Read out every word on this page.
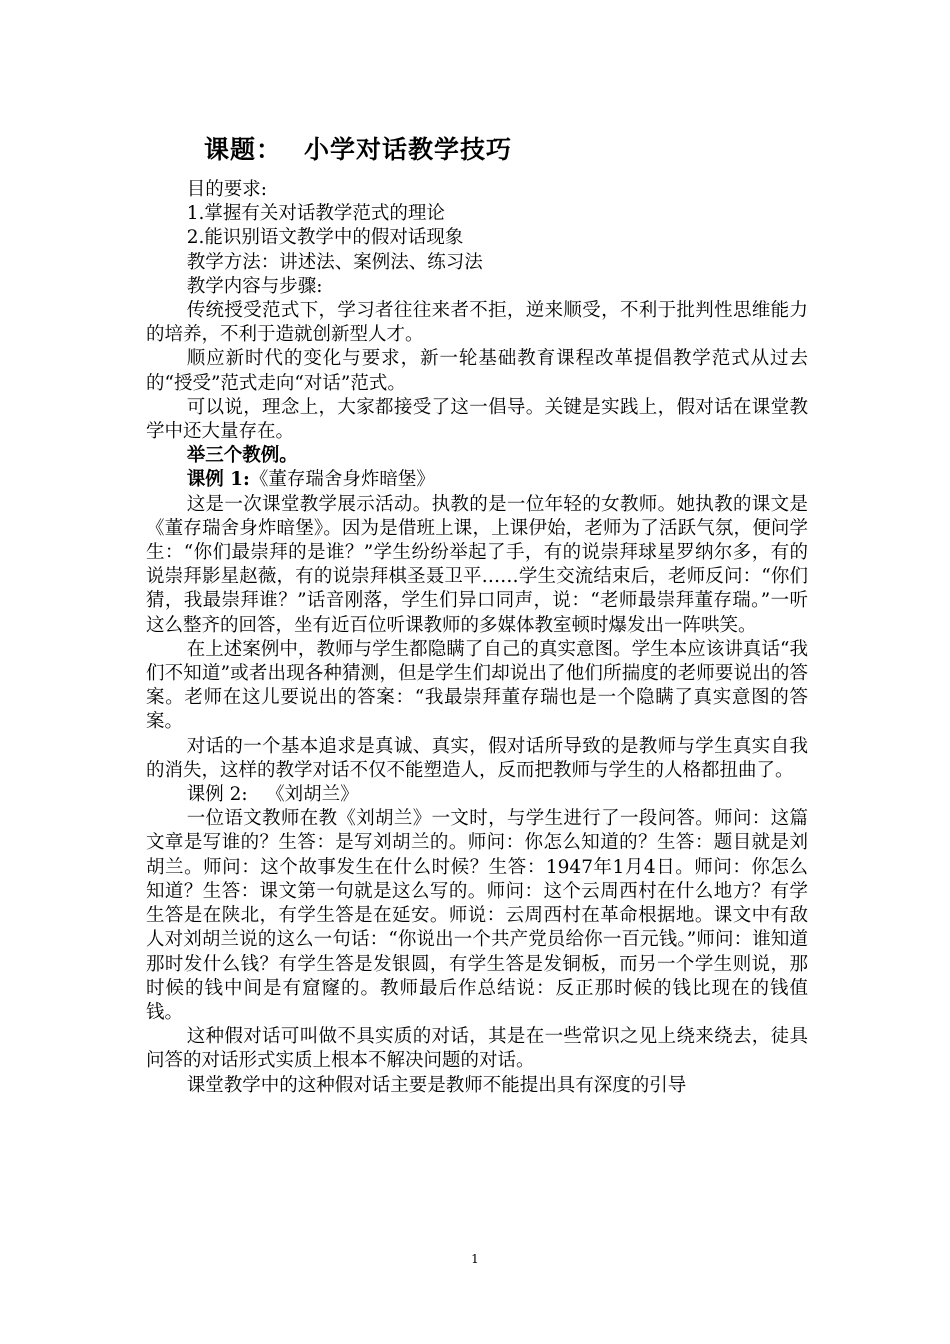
课题： 小学对话教学技巧

目的要求:

1.掌握有关对话教学范式的理论

2.能识别语文教学中的假对话现象

教学方法：讲述法、案例法、练习法

教学内容与步骤:

传统授受范式下，学习者往往来者不拒，逆来顺受，不利于批判性思维能力的培养，不利于造就创新型人才。

顺应新时代的变化与要求，新一轮基础教育课程改革提倡教学范式从过去的“授受”范式走向“对话”范式。

可以说，理念上，大家都接受了这一倡导。关键是实践上，假对话在课堂教学中还大量存在。

举三个教例。

课例 1:《董存瑞舍身炸暗堡》

这是一次课堂教学展示活动。执教的是一位年轻的女教师。她执教的课文是《董存瑞舍身炸暗堡》。因为是借班上课，上课伊始，老师为了活跃气氛，便问学生：“你们最崇拜的是谁？”学生纷纷举起了手，有的说崇拜球星罗纳尔多，有的说崇拜影星赵薇，有的说崇拜棋圣聂卫平……学生交流结束后，老师反问：“你们猜，我最崇拜谁？”话音刚落，学生们异口同声，说：“老师最崇拜董存瑞。”一听这么整齐的回答，坐有近百位听课教师的多媒体教室顿时爆发出一阵哄笑。

在上述案例中，教师与学生都隐瞒了自己的真实意图。学生本应该讲真话“我们不知道”或者出现各种猜测，但是学生们却说出了他们所揣度的老师要说出的答案。老师在这儿要说出的答案：“我最崇拜董存瑞也是一个隐瞒了真实意图的答案。

对话的一个基本追求是真诚、真实，假对话所导致的是教师与学生真实自我的消失，这样的教学对话不仅不能塑造人，反而把教师与学生的人格都扭曲了。

课例 2:  《刘胡兰》

一位语文教师在教《刘胡兰》一文时，与学生进行了一段问答。师问：这篇文章是写谁的？生答：是写刘胡兰的。师问：你怎么知道的？生答：题目就是刘胡兰。师问：这个故事发生在什么时候？生答：1947年1月4日。师问：你怎么知道？生答：课文第一句就是这么写的。师问：这个云周西村在什么地方？有学生答是在陕北，有学生答是在延安。师说：云周西村在革命根据地。课文中有敌人对刘胡兰说的这么一句话：“你说出一个共产党员给你一百元钱。”师问：谁知道那时发什么钱？有学生答是发银圆，有学生答是发铜板，而另一个学生则说，那时候的钱中间是有窟窿的。教师最后作总结说：反正那时候的钱比现在的钱值钱。

这种假对话可叫做不具实质的对话，其是在一些常识之见上绕来绕去，徒具问答的对话形式实质上根本不解决问题的对话。

课堂教学中的这种假对话主要是教师不能提出具有深度的引导

1
